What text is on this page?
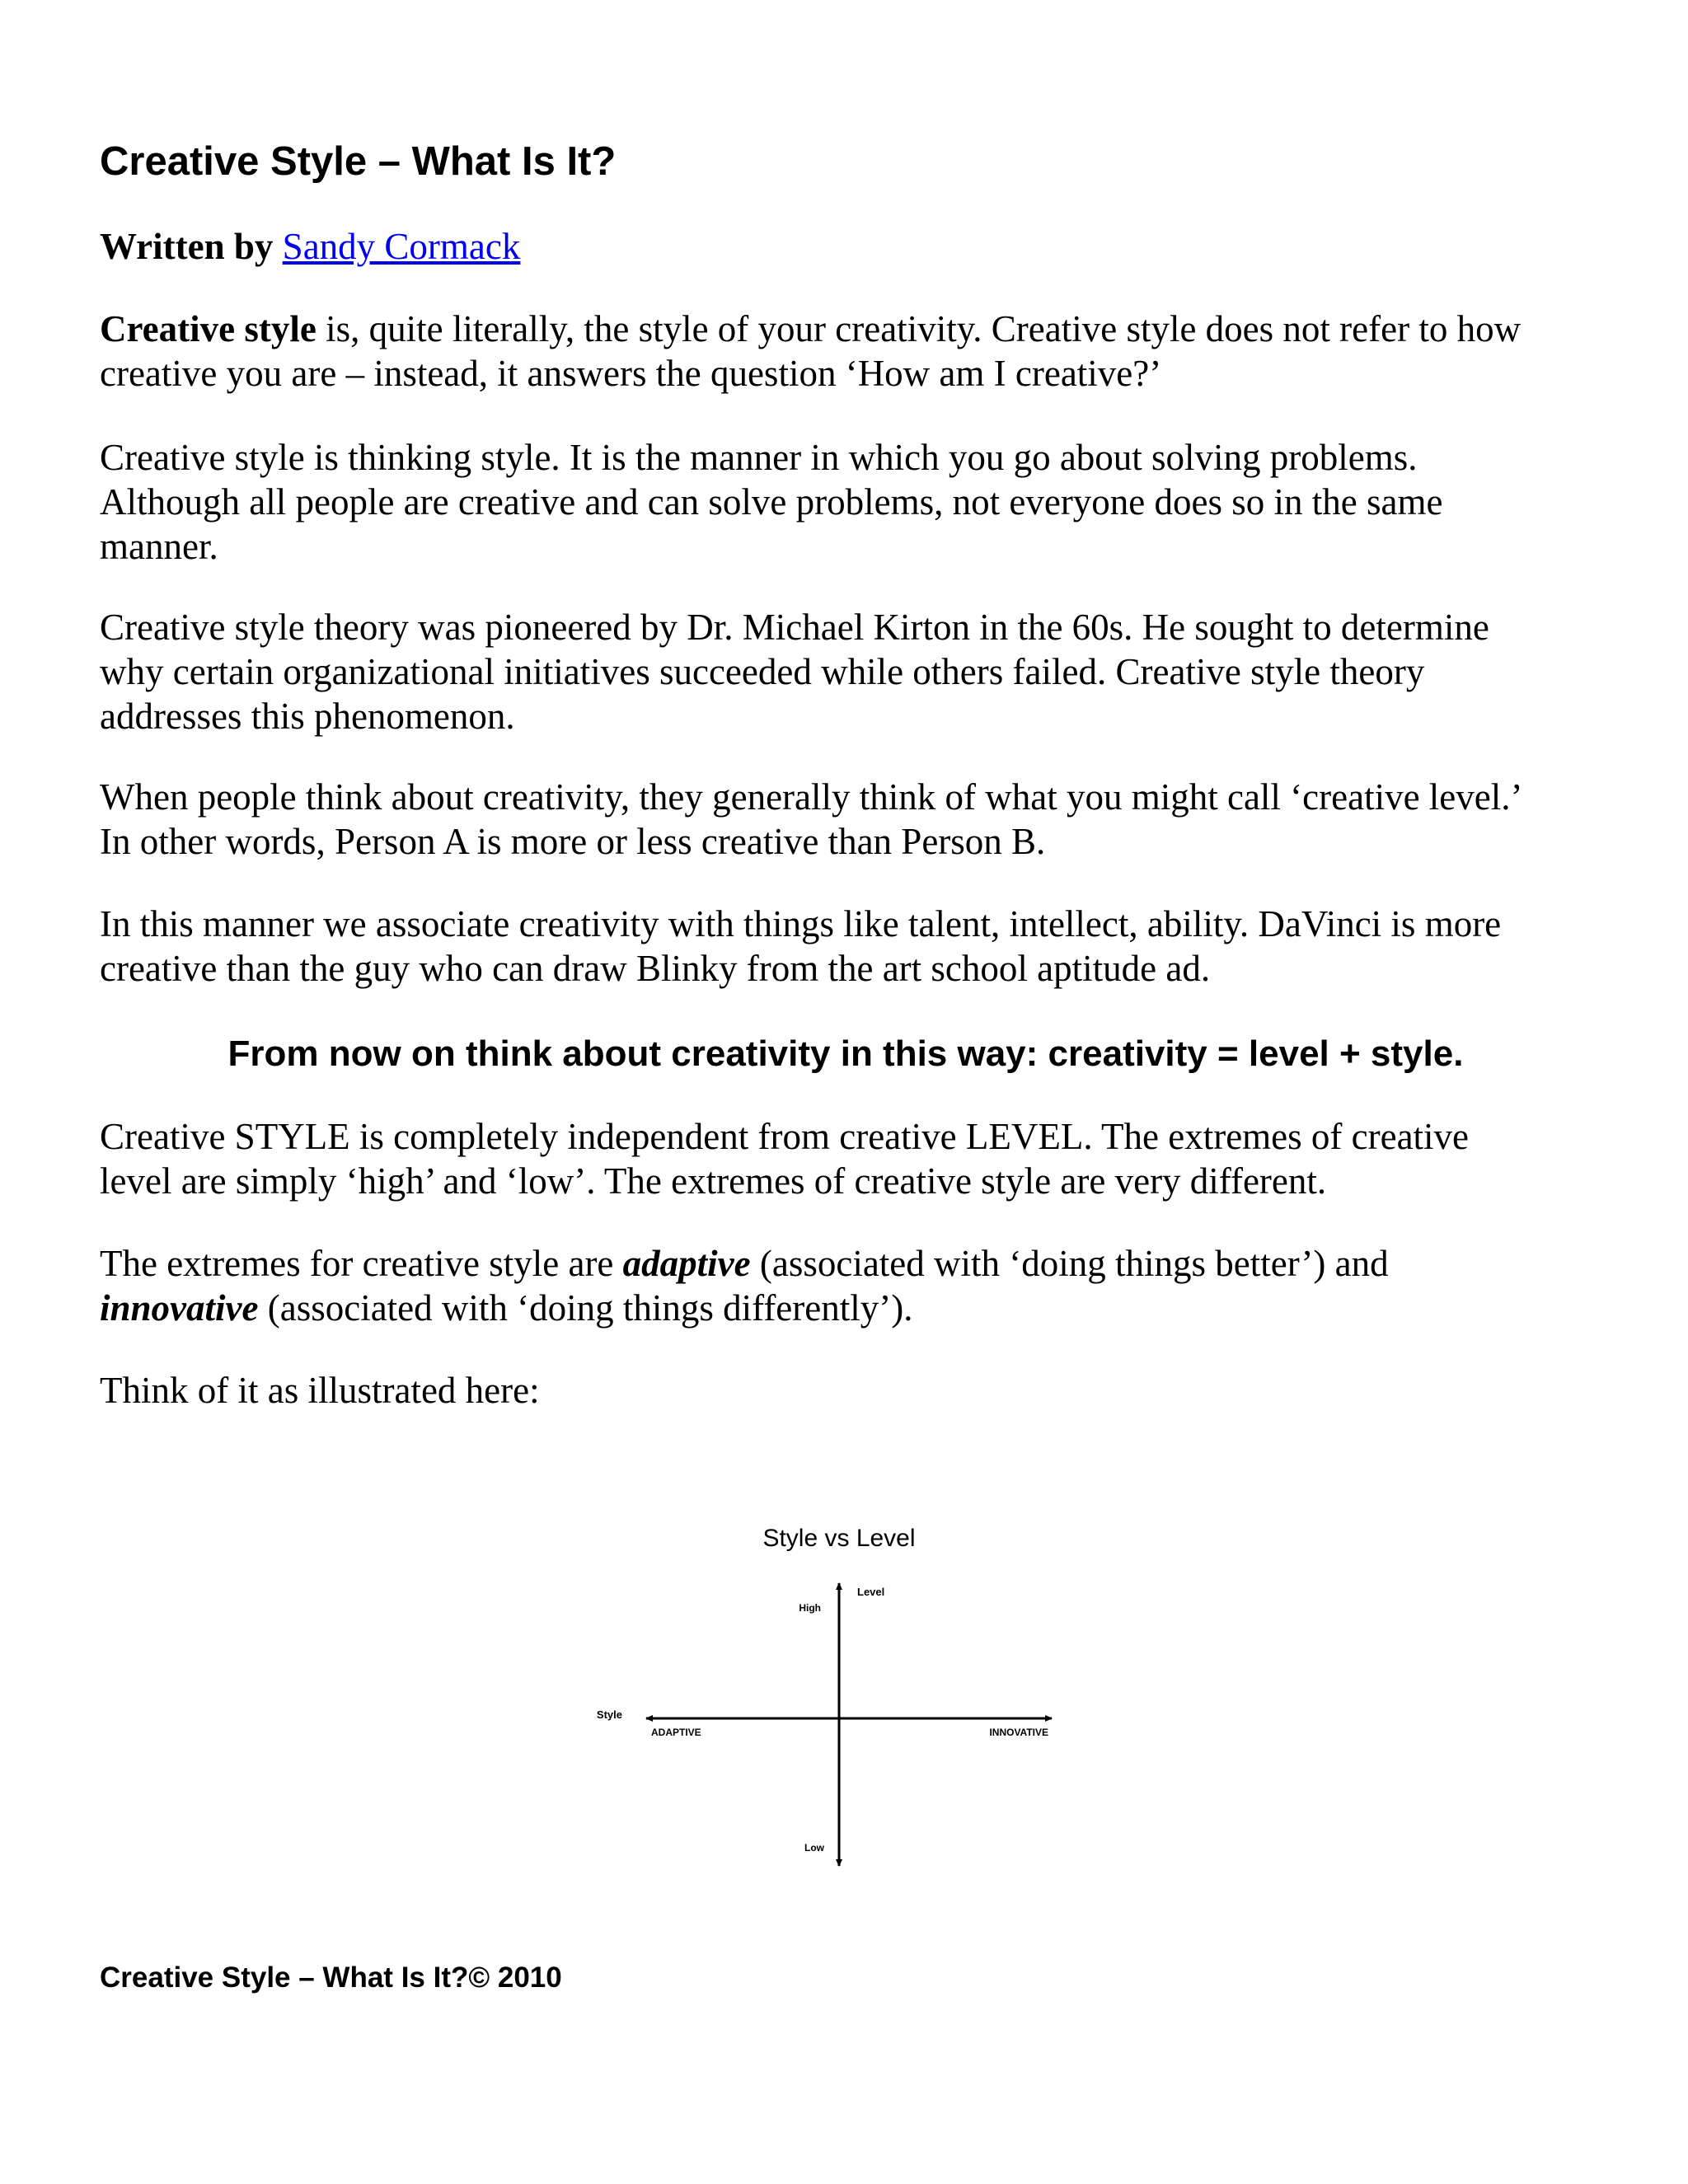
Creative Style – What Is It?

Written by Sandy Cormack

Creative style is, quite literally, the style of your creativity. Creative style does not refer to how
creative you are – instead, it answers the question ‘How am I creative?’

Creative style is thinking style. It is the manner in which you go about solving problems.
Although all people are creative and can solve problems, not everyone does so in the same
manner.

Creative style theory was pioneered by Dr. Michael Kirton in the 60s. He sought to determine
why certain organizational initiatives succeeded while others failed. Creative style theory
addresses this phenomenon.

When people think about creativity, they generally think of what you might call ‘creative level.’
In other words, Person A is more or less creative than Person B.

In this manner we associate creativity with things like talent, intellect, ability. DaVinci is more
creative than the guy who can draw Blinky from the art school aptitude ad.

From now on think about creativity in this way: creativity = level + style.

Creative STYLE is completely independent from creative LEVEL. The extremes of creative
level are simply ‘high’ and ‘low’. The extremes of creative style are very different.

The extremes for creative style are adaptive (associated with ‘doing things better’) and
innovative (associated with ‘doing things differently’).

Think of it as illustrated here:

Creative Style – What Is It?© 2010

Style vs Level
Level
High
Low
Style
ADAPTIVE	INNOVATIVE
